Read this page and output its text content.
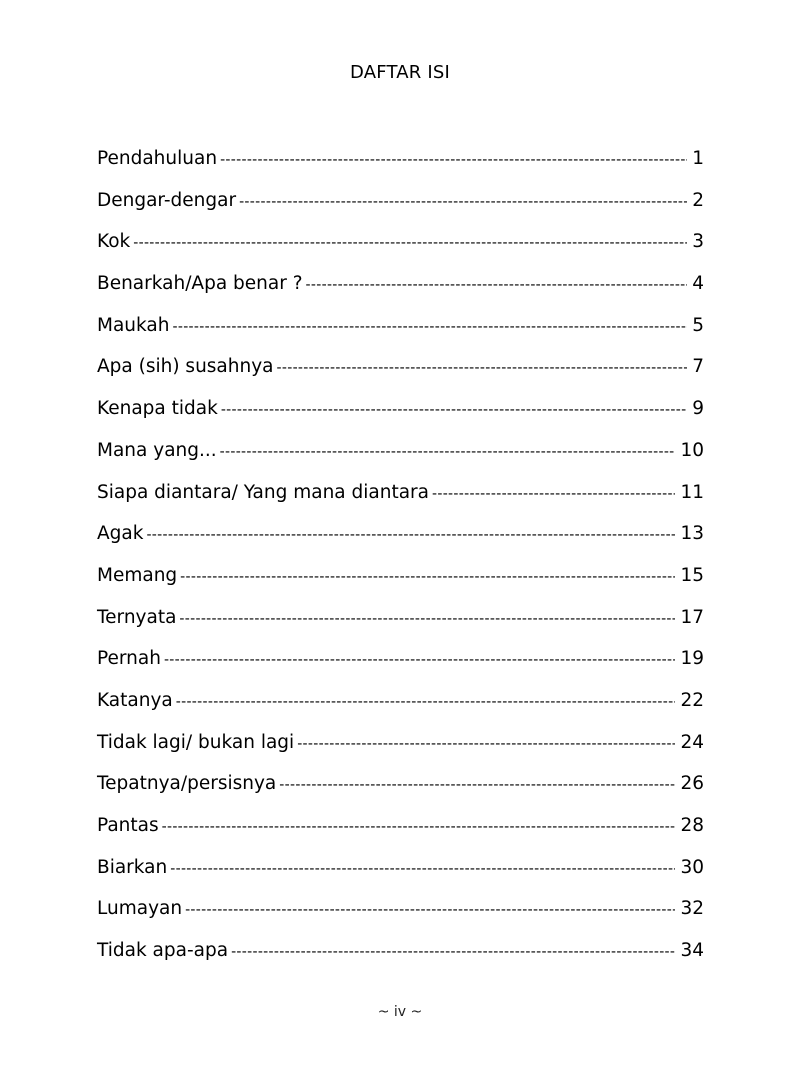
DAFTAR ISI
Pendahuluan -----	1
Dengar-dengar -----	2
Kok -----	3
Benarkah/Apa benar ? -----	4
Maukah -----	5
Apa (sih) susahnya -----	7
Kenapa tidak -----	9
Mana yang... -----	10
Siapa diantara/ Yang mana diantara -----	11
Agak -----	13
Memang -----	15
Ternyata -----	17
Pernah -----	19
Katanya -----	22
Tidak lagi/ bukan lagi -----	24
Tepatnya/persisnya -----	26
Pantas -----	28
Biarkan -----	30
Lumayan -----	32
Tidak apa-apa -----	34
~ iv ~
